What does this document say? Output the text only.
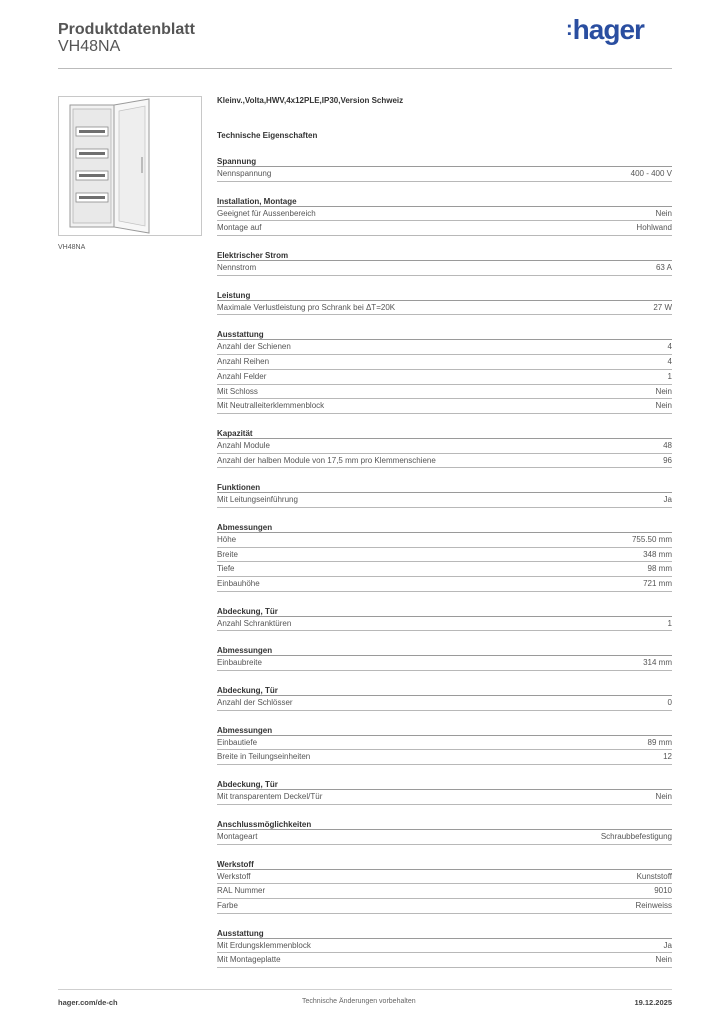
Produktdatenblatt
VH48NA
:hager
VH48NA
Kleinv.,Volta,HWV,4x12PLE,IP30,Version Schweiz
Technische Eigenschaften
Spannung
Nennspannung	400 - 400 V
Installation, Montage
Geeignet für Aussenbereich	Nein
Montage auf	Hohlwand
Elektrischer Strom
Nennstrom	63 A
Leistung
Maximale Verlustleistung pro Schrank bei ΔT=20K	27 W
Ausstattung
Anzahl der Schienen	4
Anzahl Reihen	4
Anzahl Felder	1
Mit Schloss	Nein
Mit Neutralleiterklemmenblock	Nein
Kapazität
Anzahl Module	48
Anzahl der halben Module von 17,5 mm pro Klemmenschiene	96
Funktionen
Mit Leitungseinführung	Ja
Abmessungen
Höhe	755.50 mm
Breite	348 mm
Tiefe	98 mm
Einbauhöhe	721 mm
Abdeckung, Tür
Anzahl Schranktüren	1
Abmessungen
Einbaubreite	314 mm
Abdeckung, Tür
Anzahl der Schlösser	0
Abmessungen
Einbautiefe	89 mm
Breite in Teilungseinheiten	12
Abdeckung, Tür
Mit transparentem Deckel/Tür	Nein
Anschlussmöglichkeiten
Montageart	Schraubbefestigung
Werkstoff
Werkstoff	Kunststoff
RAL Nummer	9010
Farbe	Reinweiss
Ausstattung
Mit Erdungsklemmenblock	Ja
Mit Montageplatte	Nein
hager.com/de-ch	Technische Änderungen vorbehalten	19.12.2025
